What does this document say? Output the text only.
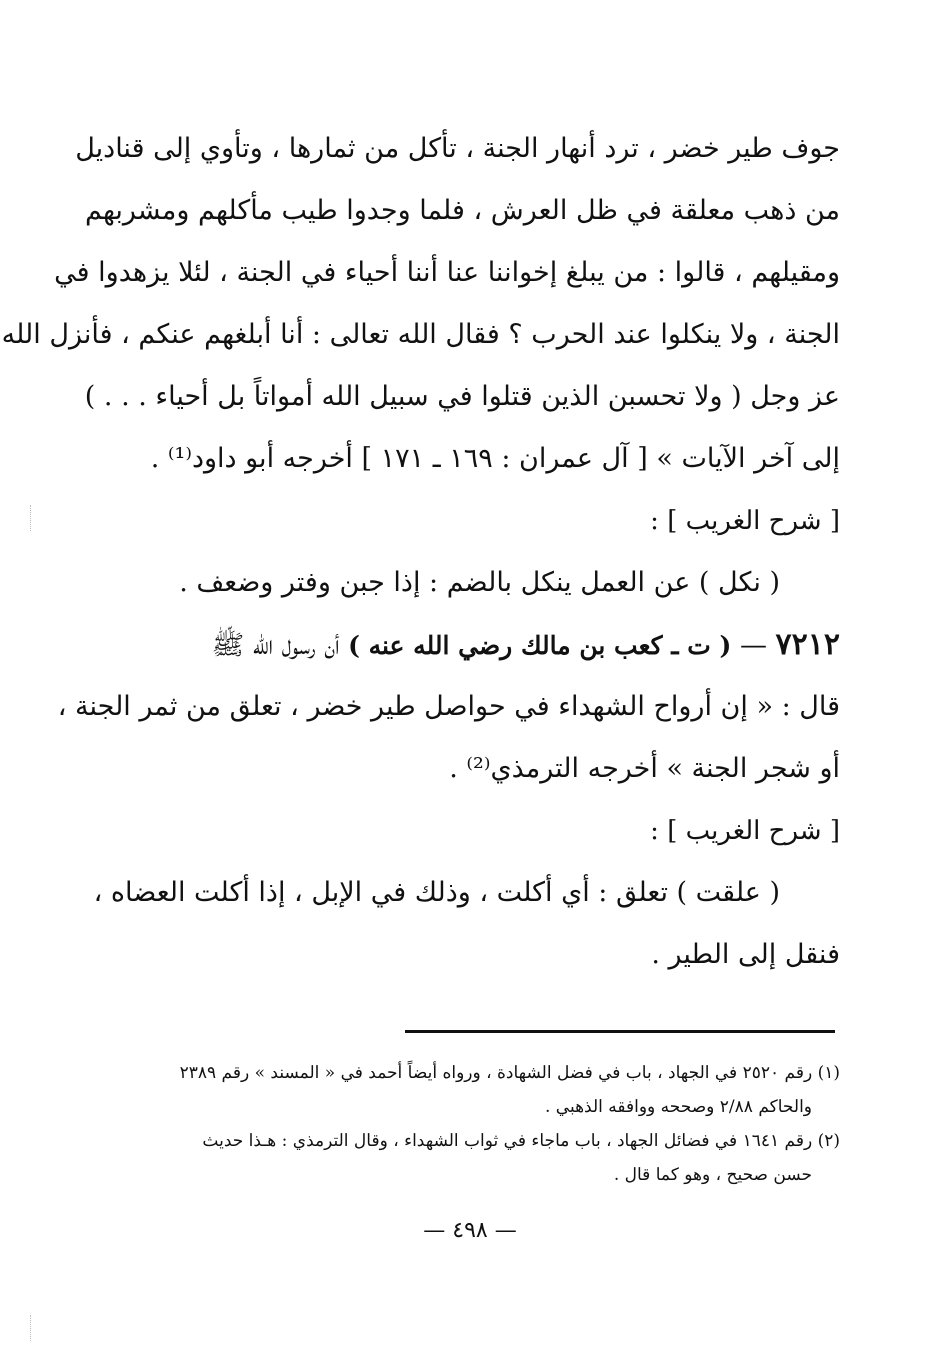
جوف طير خضر ، ترد أنهار الجنة ، تأكل من ثمارها ، وتأوي إلى قناديل
من ذهب معلقة في ظل العرش ، فلما وجدوا طيب مأكلهم ومشربهم
ومقيلهم ، قالوا : من يبلغ إخواننا عنا أننا أحياء في الجنة ، لئلا يزهدوا في
الجنة ، ولا ينكلوا عند الحرب ؟ فقال الله تعالى : أنا أبلغهم عنكم ، فأنزل الله
عز وجل ( ولا تحسبن الذين قتلوا في سبيل الله أمواتاً بل أحياء . . . )
إلى آخر الآيات » [ آل عمران : ١٦٩ ـ ١٧١ ] أخرجه أبو داود⁽¹⁾ .
[ شرح الغريب ] :
( نكل ) عن العمل ينكل بالضم : إذا جبن وفتر وضعف .
٧٢١٢ — ( ت ـ كعب بن مالك رضي الله عنه ) أن رسول الله ﷺ
قال : « إن أرواح الشهداء في حواصل طير خضر ، تعلق من ثمر الجنة ،
أو شجر الجنة » أخرجه الترمذي⁽²⁾ .
[ شرح الغريب ] :
( علقت ) تعلق : أي أكلت ، وذلك في الإبل ، إذا أكلت العضاه ،
فنقل إلى الطير .
(١) رقم ٢٥٢٠ في الجهاد ، باب في فضل الشهادة ، ورواه أيضاً أحمد في « المسند » رقم ٢٣٨٩
والحاكم ٢/٨٨ وصححه ووافقه الذهبي .
(٢) رقم ١٦٤١ في فضائل الجهاد ، باب ماجاء في ثواب الشهداء ، وقال الترمذي : هـذا حديث
حسن صحيح ، وهو كما قال .
— ٤٩٨ —
